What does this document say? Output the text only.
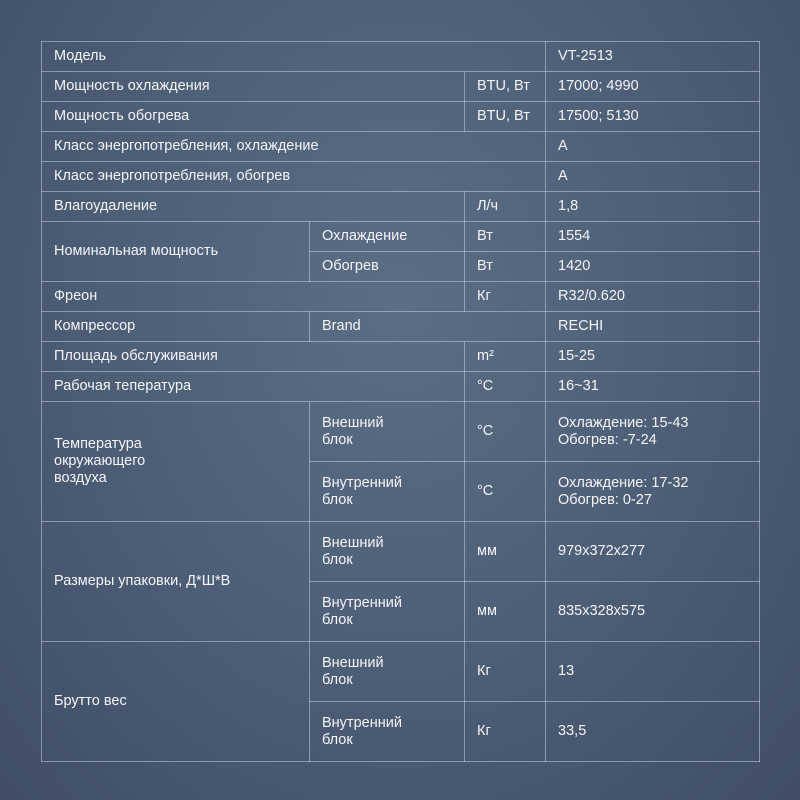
Модель			VT-2513
Мощность охлаждения		BTU, Вт	17000; 4990
Мощность обогрева		BTU, Вт	17500; 5130
Класс энергопотребления, охлаждение			A
Класс энергопотребления, обогрев			A
Влагоудаление		Л/ч	1,8
Номинальная мощность	Охлаждение	Вт	1554
	Обогрев	Вт	1420
Фреон		Кг	R32/0.620
Компрессор	Brand		RECHI
Площадь обслуживания		m²	15-25
Рабочая тепература		°C	16~31
Температура окружающего воздуха	Внешний блок	°C	Охлаждение: 15-43
Обогрев: -7-24

	Внутренний блок	°C	Охлаждение: 17-32
Обогрев: 0-27

Размеры упаковки, Д*Ш*В	Внешний блок	мм	979x372x277
	Внутренний блок	мм	835x328x575
Брутто вес	Внешний блок	Кг	13
	Внутренний блок	Кг	33,5
